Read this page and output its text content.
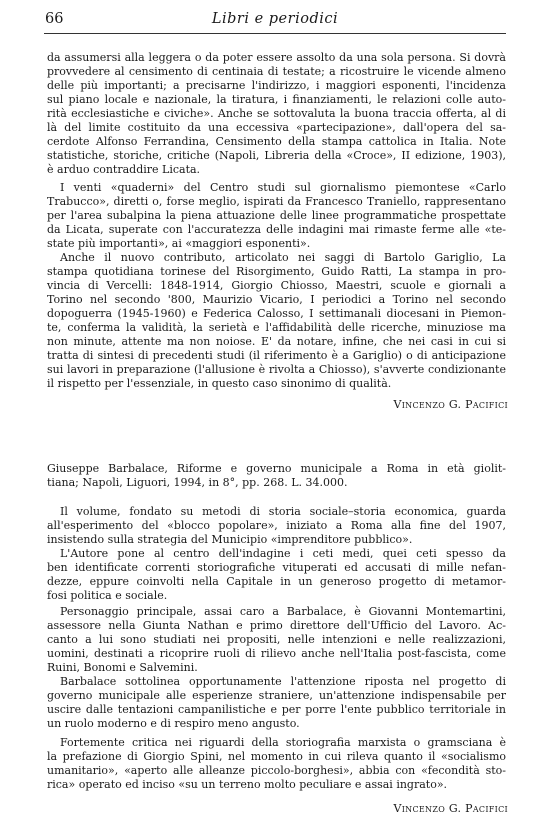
66	Libri e periodici
da assumersi alla leggera o da poter essere assolto da una sola persona. Si dovrà
provvedere al censimento di centinaia di testate; a ricostruire le vicende almeno
delle più importanti; a precisarne l'indirizzo, i maggiori esponenti, l'incidenza
sul piano locale e nazionale, la tiratura, i finanziamenti, le relazioni colle auto-
rità ecclesiastiche e civiche». Anche se sottovaluta la buona traccia offerta, al di
là del limite costituito da una eccessiva «partecipazione», dall'opera del sa-
cerdote Alfonso Ferrandina, Censimento della stampa cattolica in Italia. Note
statistiche, storiche, critiche (Napoli, Libreria della «Croce», II edizione, 1903),
è arduo contraddire Licata.
I venti «quaderni» del Centro studi sul giornalismo piemontese «Carlo
Trabucco», diretti o, forse meglio, ispirati da Francesco Traniello, rappresentano
per l'area subalpina la piena attuazione delle linee programmatiche prospettate
da Licata, superate con l'accuratezza delle indagini mai rimaste ferme alle «te-
state più importanti», ai «maggiori esponenti».
Anche il nuovo contributo, articolato nei saggi di Bartolo Gariglio, La
stampa quotidiana torinese del Risorgimento, Guido Ratti, La stampa in pro-
vincia di Vercelli: 1848-1914, Giorgio Chiosso, Maestri, scuole e giornali a
Torino nel secondo '800, Maurizio Vicario, I periodici a Torino nel secondo
dopoguerra (1945-1960) e Federica Calosso, I settimanali diocesani in Piemon-
te, conferma la validità, la serietà e l'affidabilità delle ricerche, minuziose ma
non minute, attente ma non noiose. E' da notare, infine, che nei casi in cui si
tratta di sintesi di precedenti studi (il riferimento è a Gariglio) o di anticipazione
sui lavori in preparazione (l'allusione è rivolta a Chiosso), s'avverte condizionante
il rispetto per l'essenziale, in questo caso sinonimo di qualità.
Vincenzo G. Pacifici
Giuseppe Barbalace, Riforme e governo municipale a Roma in età giolit-
tiana; Napoli, Liguori, 1994, in 8°, pp. 268. L. 34.000.
Il volume, fondato su metodi di storia sociale–storia economica, guarda
all'esperimento del «blocco popolare», iniziato a Roma alla fine del 1907,
insistendo sulla strategia del Municipio «imprenditore pubblico».
L'Autore pone al centro dell'indagine i ceti medi, quei ceti spesso da
ben identificate correnti storiografiche vituperati ed accusati di mille nefan-
dezze, eppure coinvolti nella Capitale in un generoso progetto di metamor-
fosi politica e sociale.
Personaggio principale, assai caro a Barbalace, è Giovanni Montemartini,
assessore nella Giunta Nathan e primo direttore dell'Ufficio del Lavoro. Ac-
canto a lui sono studiati nei propositi, nelle intenzioni e nelle realizzazioni,
uomini, destinati a ricoprire ruoli di rilievo anche nell'Italia post-fascista, come
Ruini, Bonomi e Salvemini.
Barbalace sottolinea opportunamente l'attenzione riposta nel progetto di
governo municipale alle esperienze straniere, un'attenzione indispensabile per
uscire dalle tentazioni campanilistiche e per porre l'ente pubblico territoriale in
un ruolo moderno e di respiro meno angusto.
Fortemente critica nei riguardi della storiografia marxista o gramsciana è
la prefazione di Giorgio Spini, nel momento in cui rileva quanto il «socialismo
umanitario», «aperto alle alleanze piccolo-borghesi», abbia con «fecondità sto-
rica» operato ed inciso «su un terreno molto peculiare e assai ingrato».
Vincenzo G. Pacifici
